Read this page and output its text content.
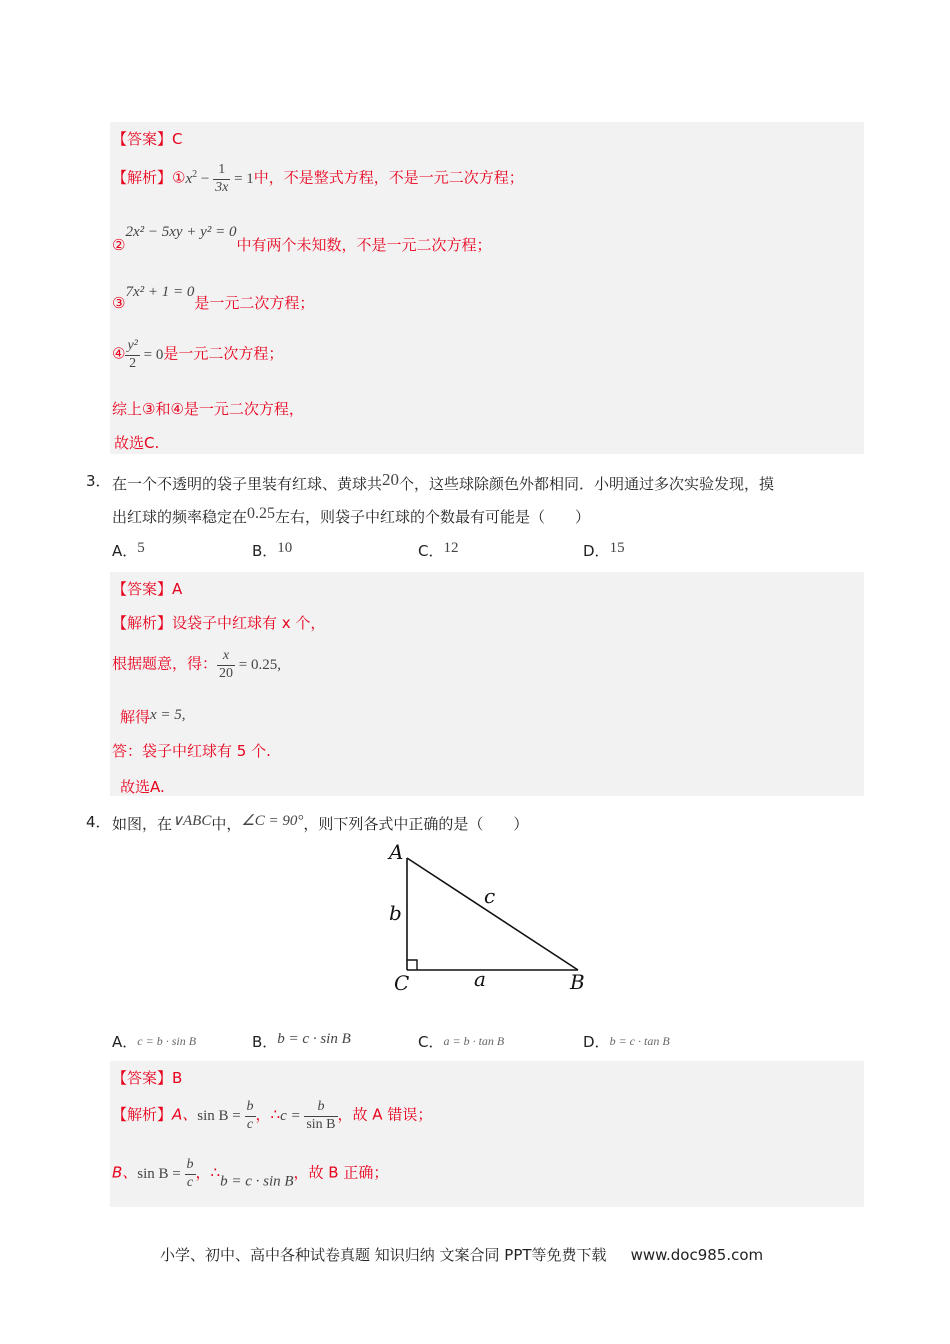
【答案】C
【解析】$①x^2 - \frac{1}{3x} = 1$中，不是整式方程，不是一元二次方程；
②2x² − 5xy + y² = 0中有两个未知数，不是一元二次方程；
③7x² + 1 = 0是一元二次方程；
④ $\frac{\text{y²}}{2} = 0$是一元二次方程；
综上③和④是一元二次方程，
故选C.
3． 在一个不透明的袋子里装有红球、黄球共20个，这些球除颜色外都相同．小明通过多次实验发现，摸
出红球的频率稳定在0.25左右，则袋子中红球的个数最有可能是（　　）
A．5	B．10	C．12	D．15
【答案】A
【解析】设袋子中红球有 x 个，
根据题意，得： $\frac{x}{20} = 0.25$,
解得x = 5,
答：袋子中红球有 5 个.
故选A.
4． 如图，在∨ABC中，∠C = 90°，则下列各式中正确的是（　　）
A
b
c
C	a	B
A．c = b · sin B	B．b = c · sin B	C．a = b · tan B	D．b = c · tan B
【答案】B
【解析】A、$\sin B = \frac{b}{c}$ ，∴c = $\frac{b}{\text{sin B}}$ ，故 A 错误；
B、$\sin B = \frac{b}{c}$ ，∴b = c · sin B，故 B 正确；
小学、初中、高中各种试卷真题 知识归纳 文案合同 PPT等免费下载 www.doc985.com
